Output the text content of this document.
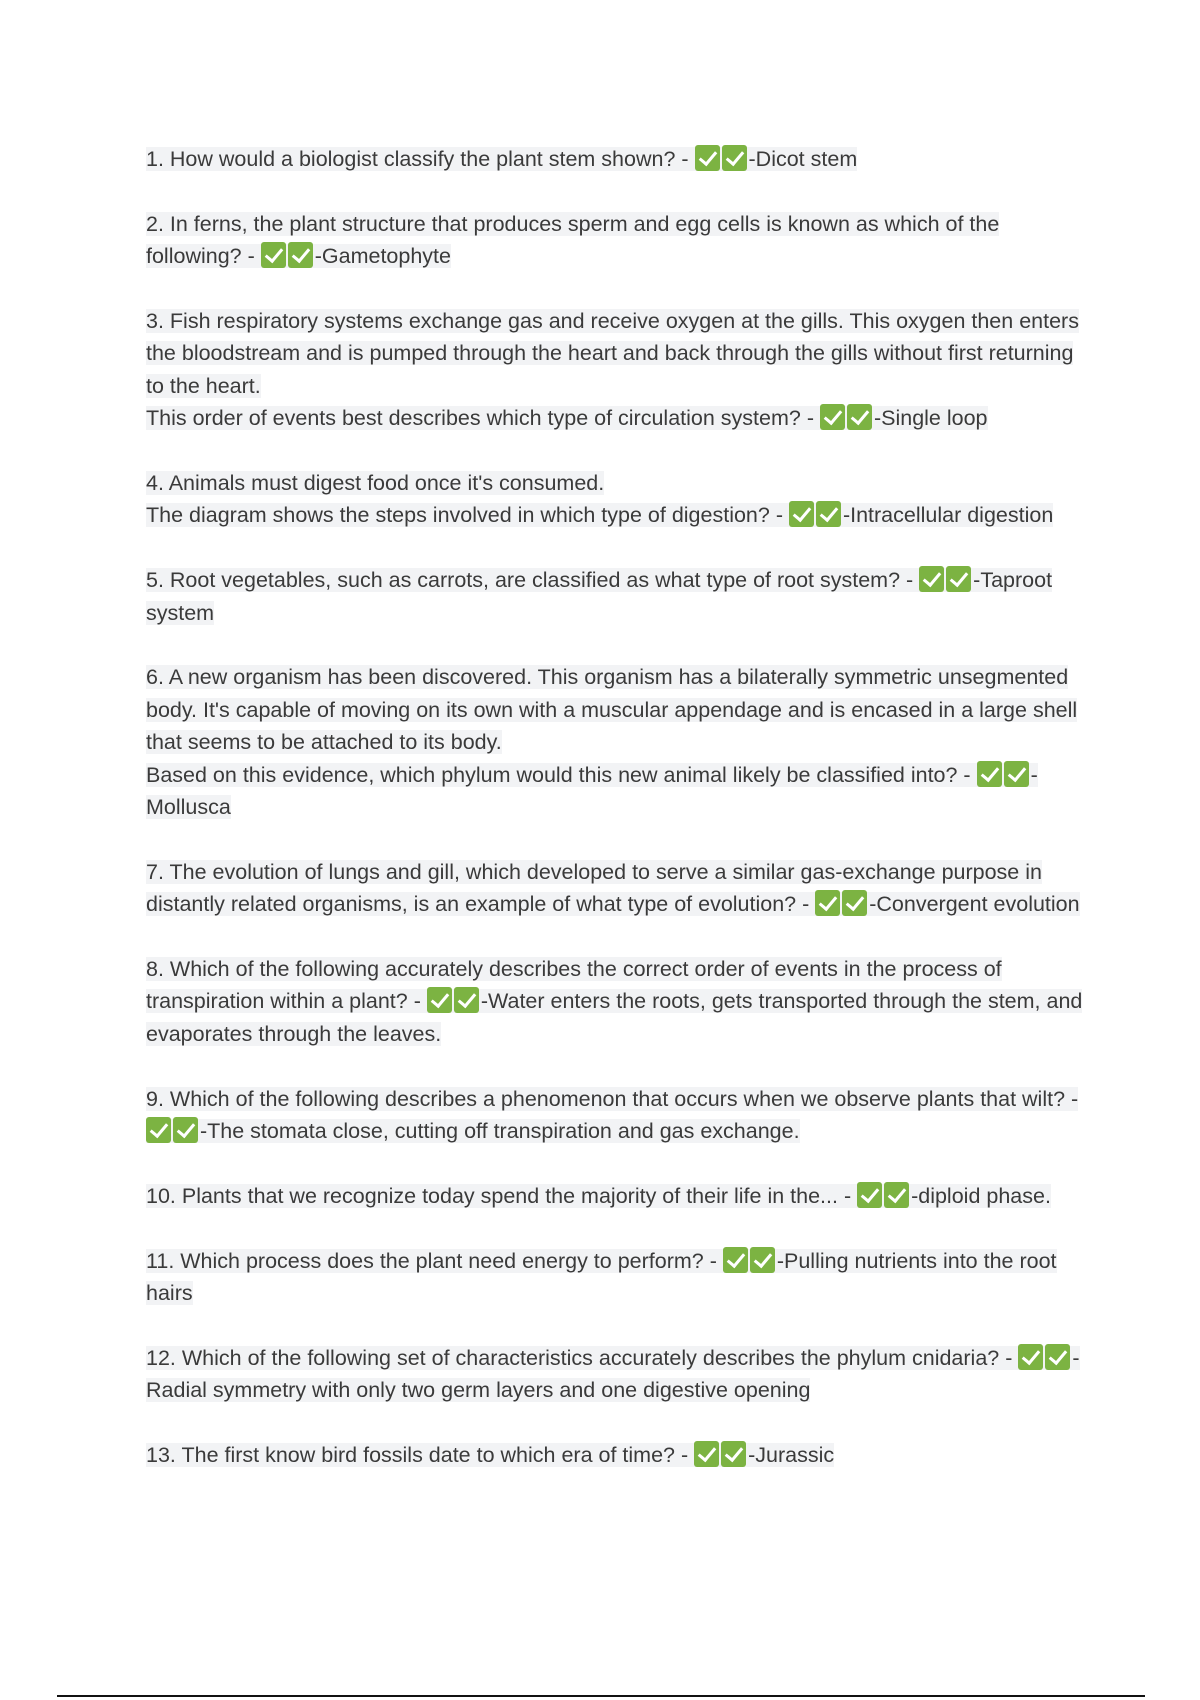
1. How would a biologist classify the plant stem shown? -	-Dicot stem

2. In ferns, the plant structure that produces sperm and egg cells is known as which of the following? -	-Gametophyte

3. Fish respiratory systems exchange gas and receive oxygen at the gills. This oxygen then enters the bloodstream and is pumped through the heart and back through the gills without first returning to the heart.
This order of events best describes which type of circulation system? -	-Single loop

4. Animals must digest food once it's consumed.
The diagram shows the steps involved in which type of digestion? -	-Intracellular digestion

5. Root vegetables, such as carrots, are classified as what type of root system? -	-Taproot system

6. A new organism has been discovered. This organism has a bilaterally symmetric unsegmented body. It's capable of moving on its own with a muscular appendage and is encased in a large shell that seems to be attached to its body.
Based on this evidence, which phylum would this new animal likely be classified into? -	-Mollusca

7. The evolution of lungs and gill, which developed to serve a similar gas-exchange purpose in distantly related organisms, is an example of what type of evolution? -	-Convergent evolution

8. Which of the following accurately describes the correct order of events in the process of transpiration within a plant? -	-Water enters the roots, gets transported through the stem, and evaporates through the leaves.

9. Which of the following describes a phenomenon that occurs when we observe plants that wilt? - -The stomata close, cutting off transpiration and gas exchange.

10. Plants that we recognize today spend the majority of their life in the... -	-diploid phase.

11. Which process does the plant need energy to perform? -	-Pulling nutrients into the root hairs

12. Which of the following set of characteristics accurately describes the phylum cnidaria? -	-Radial symmetry with only two germ layers and one digestive opening

13. The first know bird fossils date to which era of time? -	-Jurassic
